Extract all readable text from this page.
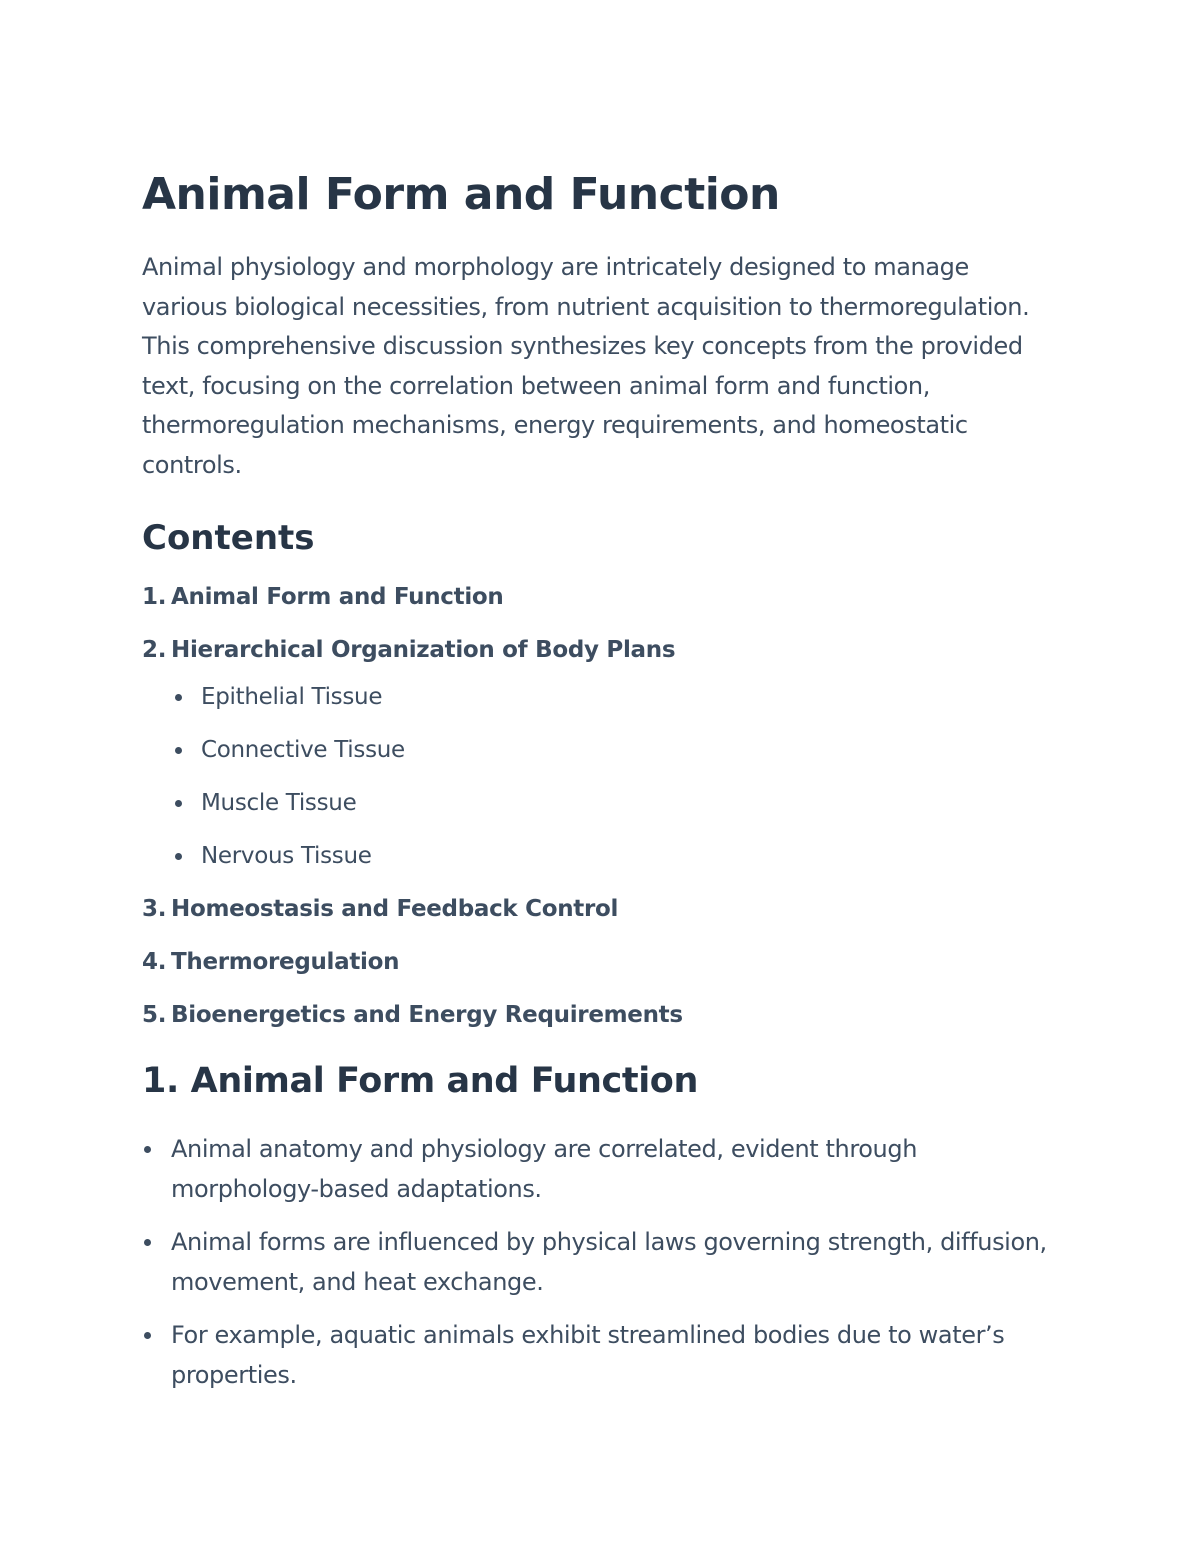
Animal Form and Function

Animal physiology and morphology are intricately designed to manage various biological necessities, from nutrient acquisition to thermoregulation. This comprehensive discussion synthesizes key concepts from the provided text, focusing on the correlation between animal form and function, thermoregulation mechanisms, energy requirements, and homeostatic controls.

Contents
1. Animal Form and Function
2. Hierarchical Organization of Body Plans
Epithelial Tissue
Connective Tissue
Muscle Tissue
Nervous Tissue
3. Homeostasis and Feedback Control
4. Thermoregulation
5. Bioenergetics and Energy Requirements
1. Animal Form and Function
Animal anatomy and physiology are correlated, evident through morphology-based adaptations.
Animal forms are influenced by physical laws governing strength, diffusion, movement, and heat exchange.
For example, aquatic animals exhibit streamlined bodies due to water’s properties.
